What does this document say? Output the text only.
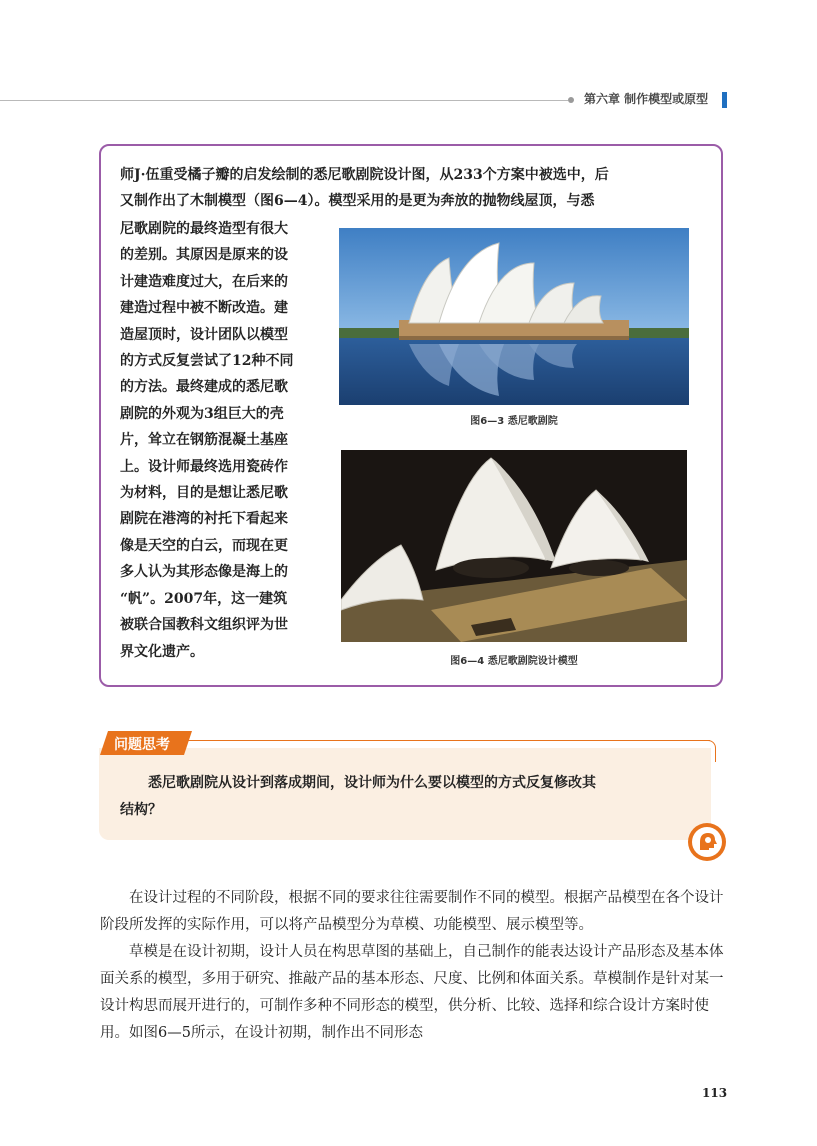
第六章 制作模型或原型

师J·伍重受橘子瓣的启发绘制的悉尼歌剧院设计图，从233个方案中被选中，后

又制作出了木制模型（图6—4）。模型采用的是更为奔放的抛物线屋顶，与悉

尼歌剧院的最终造型有很大

的差别。其原因是原来的设

计建造难度过大，在后来的

建造过程中被不断改造。建

造屋顶时，设计团队以模型

的方式反复尝试了12种不同

的方法。最终建成的悉尼歌

剧院的外观为3组巨大的壳

片，耸立在钢筋混凝土基座

上。设计师最终选用瓷砖作

为材料，目的是想让悉尼歌

剧院在港湾的衬托下看起来

像是天空的白云，而现在更

多人认为其形态像是海上的

“帆”。2007年，这一建筑

被联合国教科文组织评为世

界文化遗产。

图6—3 悉尼歌剧院
图6—4 悉尼歌剧院设计模型
问题思考
悉尼歌剧院从设计到落成期间，设计师为什么要以模型的方式反复修改其
结构？

在设计过程的不同阶段，根据不同的要求往往需要制作不同的模型。根据产品模型在各个设计阶段所发挥的实际作用，可以将产品模型分为草模、功能模型、展示模型等。

草模是在设计初期，设计人员在构思草图的基础上，自己制作的能表达设计产品形态及基本体面关系的模型，多用于研究、推敲产品的基本形态、尺度、比例和体面关系。草模制作是针对某一设计构思而展开进行的，可制作多种不同形态的模型，供分析、比较、选择和综合设计方案时使用。如图6—5所示，在设计初期，制作出不同形态

113
